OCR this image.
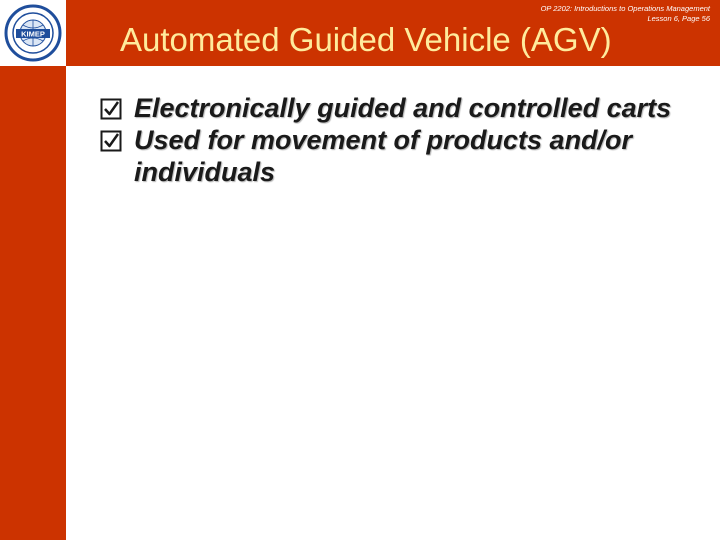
KIMEP
OP 2202: Introductions to Operations Management
Lesson 6, Page 56
Automated Guided Vehicle (AGV)
Electronically guided and controlled carts
Used for movement of products and/or individuals
